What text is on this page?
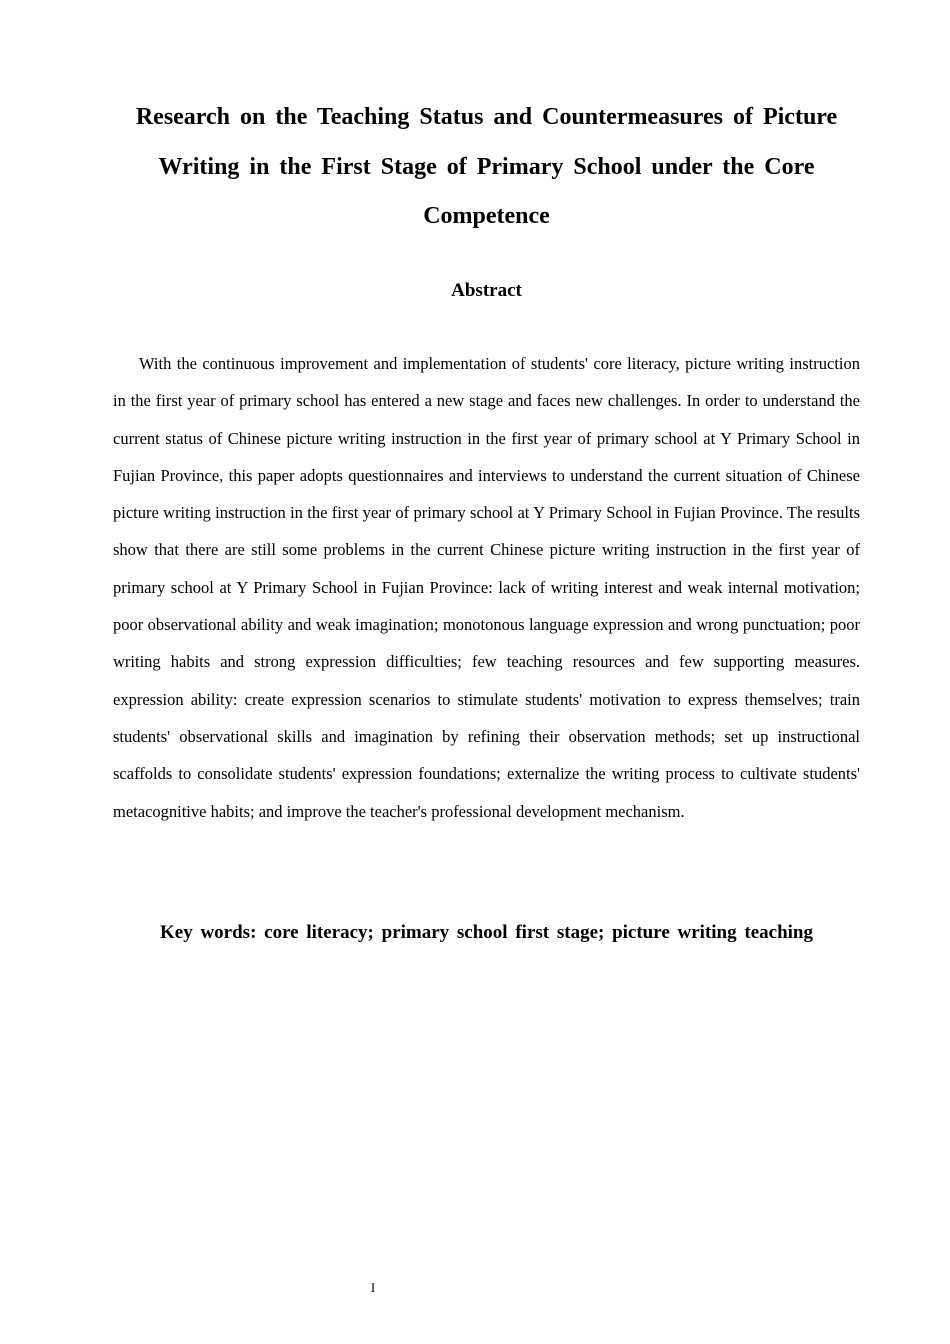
Research on the Teaching Status and Countermeasures of Picture Writing in the First Stage of Primary School under the Core Competence
Abstract

With the continuous improvement and implementation of students' core literacy, picture writing instruction in the first year of primary school has entered a new stage and faces new challenges. In order to understand the current status of Chinese picture writing instruction in the first year of primary school at Y Primary School in Fujian Province, this paper adopts questionnaires and interviews to understand the current situation of Chinese picture writing instruction in the first year of primary school at Y Primary School in Fujian Province. The results show that there are still some problems in the current Chinese picture writing instruction in the first year of primary school at Y Primary School in Fujian Province: lack of writing interest and weak internal motivation; poor observational ability and weak imagination; monotonous language expression and wrong punctuation; poor writing habits and strong expression difficulties; few teaching resources and few supporting measures. expression ability: create expression scenarios to stimulate students' motivation to express themselves; train students' observational skills and imagination by refining their observation methods; set up instructional scaffolds to consolidate students' expression foundations; externalize the writing process to cultivate students' metacognitive habits; and improve the teacher's professional development mechanism.

Key words: core literacy; primary school first stage; picture writing teaching

I
